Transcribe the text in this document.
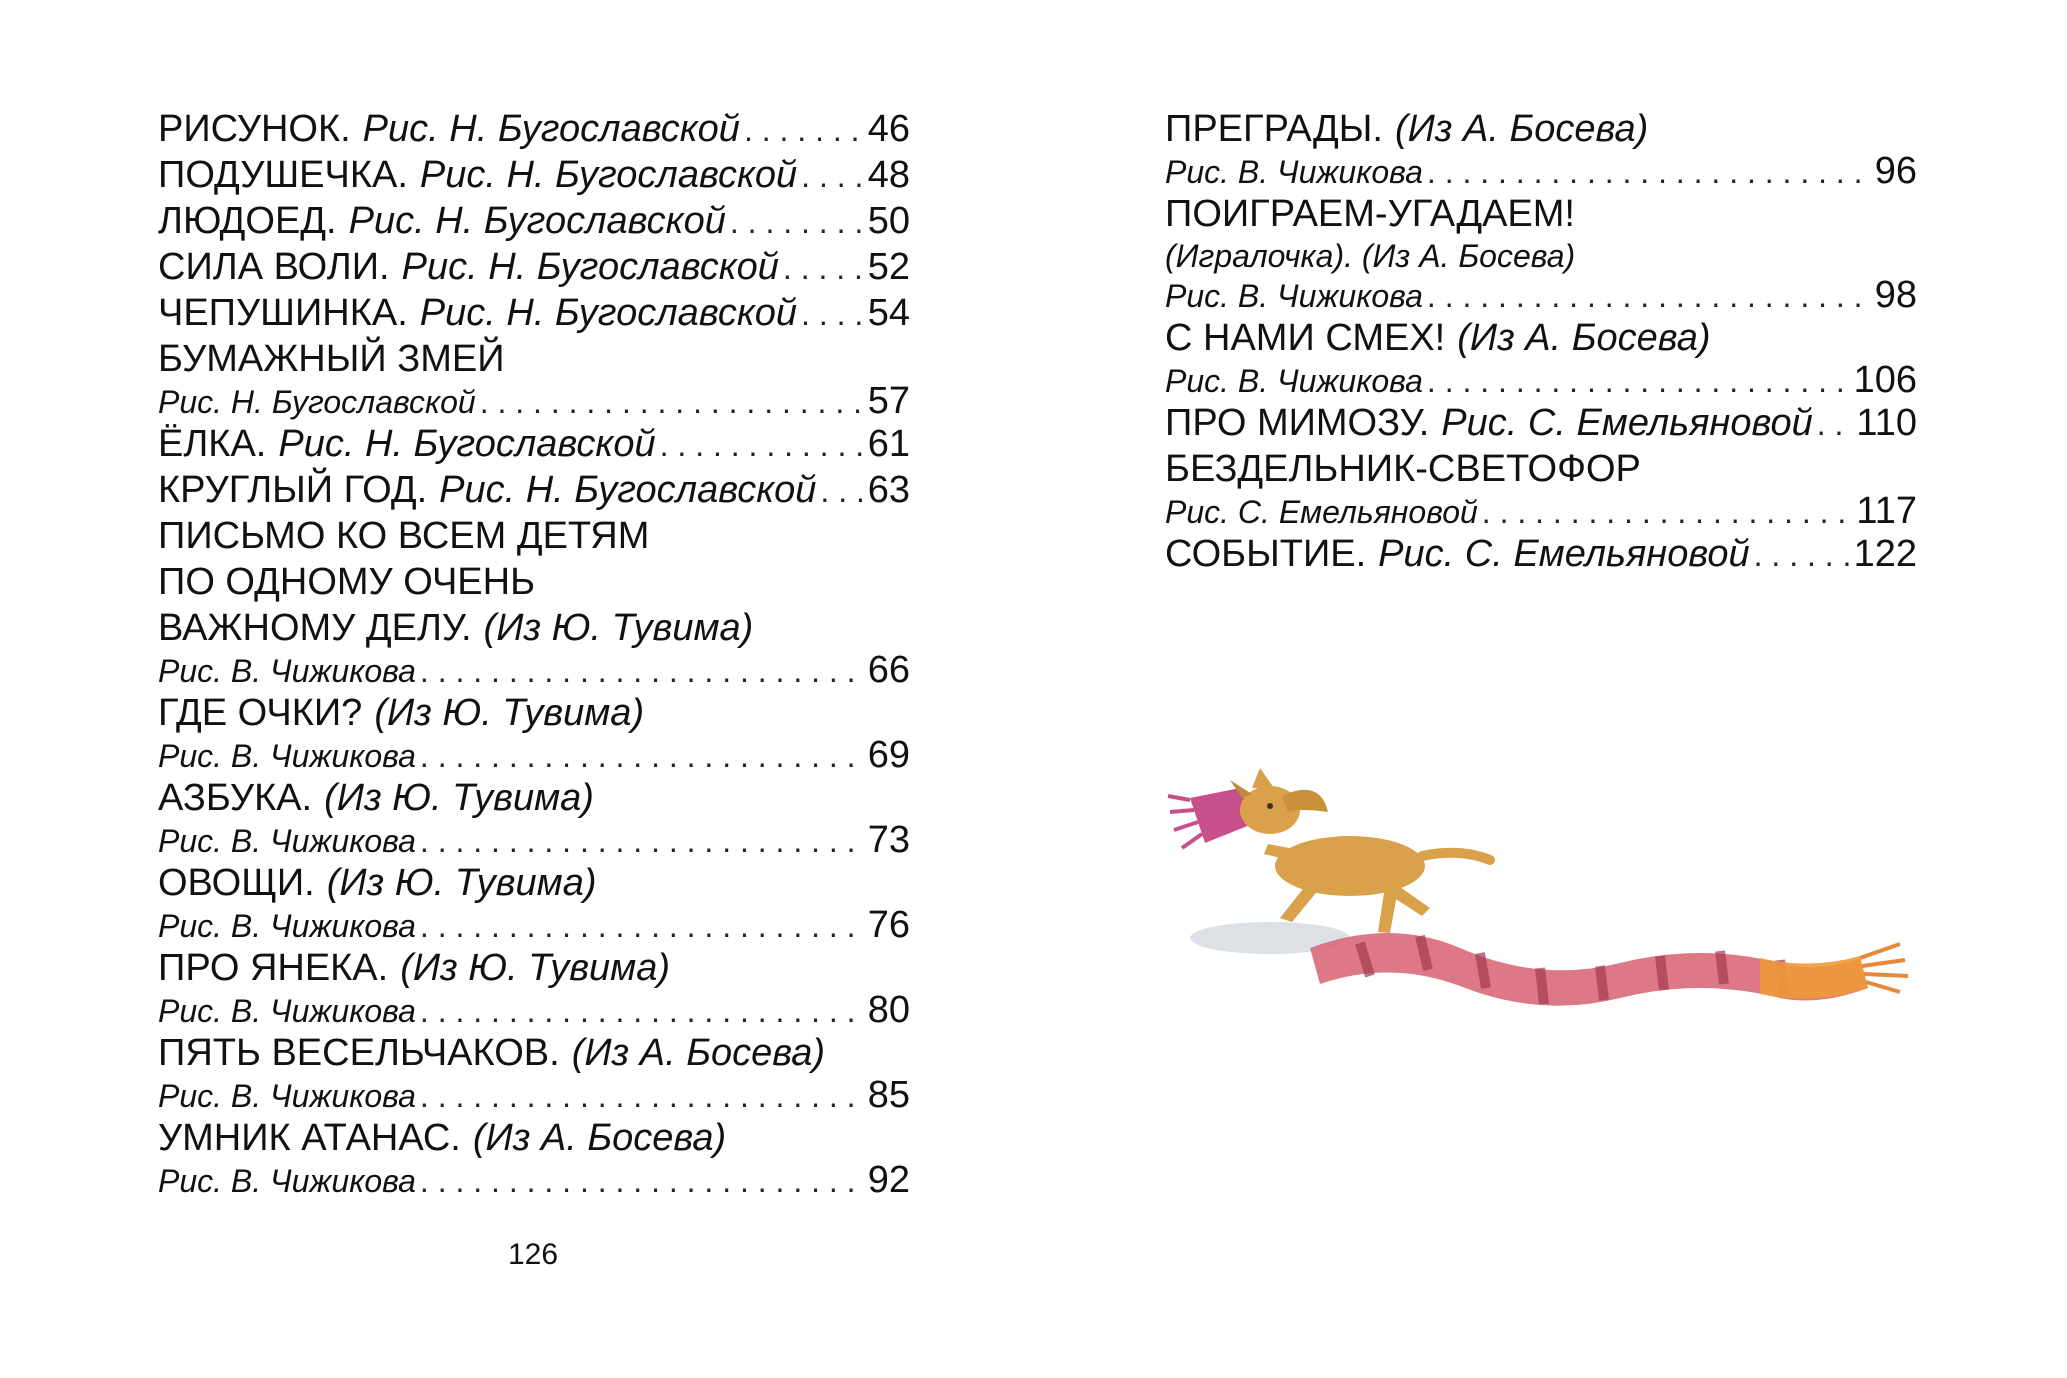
РИСУНОК. Рис. Н. Бугославской . . .	46
ПОДУШЕЧКА. Рис. Н. Бугославской . . . 48
ЛЮДОЕД. Рис. Н. Бугославской . . .	50
СИЛА ВОЛИ. Рис. Н. Бугославской . . . 52
ЧЕПУШИНКА. Рис. Н. Бугославской . . . 54
БУМАЖНЫЙ ЗМЕЙ
Рис. Н. Бугославской . . .	57
ЁЛКА. Рис. Н. Бугославской . . .	61
КРУГЛЫЙ ГОД. Рис. Н. Бугославской . . . 63
ПИСЬМО КО ВСЕМ ДЕТЯМ
ПО ОДНОМУ ОЧЕНЬ
ВАЖНОМУ ДЕЛУ. (Из Ю. Тувима)
Рис. В. Чижикова . . .	66
ГДЕ ОЧКИ? (Из Ю. Тувима)
Рис. В. Чижикова . . .	69
АЗБУКА. (Из Ю. Тувима)
Рис. В. Чижикова . . .	73
ОВОЩИ. (Из Ю. Тувима)
Рис. В. Чижикова . . .	76
ПРО ЯНЕКА. (Из Ю. Тувима)
Рис. В. Чижикова . . .	80
ПЯТЬ ВЕСЕЛЬЧАКОВ. (Из А. Босева)
Рис. В. Чижикова . . .	85
УМНИК АТАНАС. (Из А. Босева)
Рис. В. Чижикова . . .	92
ПРЕГРАДЫ. (Из А. Босева)
Рис. В. Чижикова . . .	96
ПОИГРАЕМ-УГАДАЕМ!
(Игралочка). (Из А. Босева)
Рис. В. Чижикова . . .	98
С НАМИ СМЕХ! (Из А. Босева)
Рис. В. Чижикова . . .	106
ПРО МИМОЗУ. Рис. С. Емельяновой . . . 110
БЕЗДЕЛЬНИК-СВЕТОФОР
Рис. С. Емельяновой . . .	117
СОБЫТИЕ. Рис. С. Емельяновой . . .	122
126
